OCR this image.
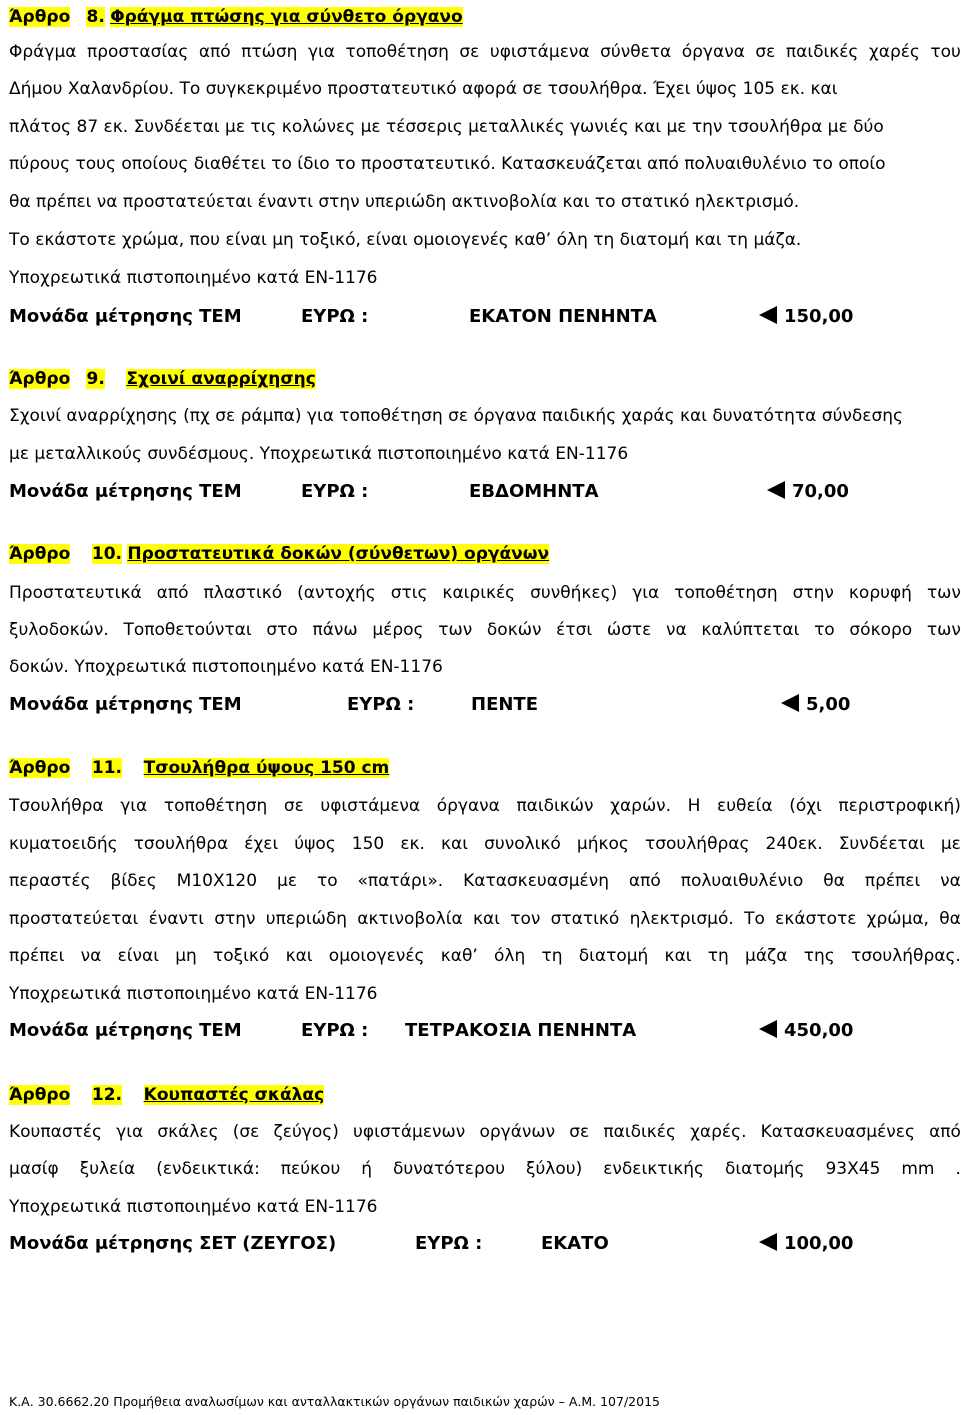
Άρθρο 8. Φράγμα πτώσης για σύνθετο όργανο
Φράγμα προστασίας από πτώση για τοποθέτηση σε υφιστάμενα σύνθετα όργανα σε παιδικές χαρές του
Δήμου Χαλανδρίου. Το συγκεκριμένο προστατευτικό αφορά σε τσουλήθρα. Έχει ύψος 105 εκ. και
πλάτος 87 εκ. Συνδέεται με τις κολώνες με τέσσερις μεταλλικές γωνιές και με την τσουλήθρα με δύο
πύρους τους οποίους διαθέτει το ίδιο το προστατευτικό. Κατασκευάζεται από πολυαιθυλένιο το οποίο
θα πρέπει να προστατεύεται έναντι στην υπεριώδη ακτινοβολία και το στατικό ηλεκτρισμό.
Το εκάστοτε χρώμα, που είναι μη τοξικό, είναι ομοιογενές καθ’ όλη τη διατομή και τη μάζα.
Υποχρεωτικά πιστοποιημένο κατά ΕΝ-1176
Μονάδα μέτρησης ΤΕΜ	ΕΥΡΩ :	ΕΚΑΤΟΝ ΠΕΝΗΝΤΑ	150,00
Άρθρο 9. Σχοινί αναρρίχησης
Σχοινί αναρρίχησης (πχ σε ράμπα) για τοποθέτηση σε όργανα παιδικής χαράς και δυνατότητα σύνδεσης
με μεταλλικούς συνδέσμους. Υποχρεωτικά πιστοποιημένο κατά ΕΝ-1176
Μονάδα μέτρησης ΤΕΜ	ΕΥΡΩ :	ΕΒΔΟΜΗΝΤΑ	70,00
Άρθρο 10. Προστατευτικά δοκών (σύνθετων) οργάνων
Προστατευτικά από πλαστικό (αντοχής στις καιρικές συνθήκες) για τοποθέτηση στην κορυφή των
ξυλοδοκών. Τοποθετούνται στο πάνω μέρος των δοκών έτσι ώστε να καλύπτεται το σόκορο των
δοκών. Υποχρεωτικά πιστοποιημένο κατά ΕΝ-1176
Μονάδα μέτρησης ΤΕΜ	ΕΥΡΩ :	ΠΕΝΤΕ	5,00
Άρθρο 11. Τσουλήθρα ύψους 150 cm
Τσουλήθρα για τοποθέτηση σε υφιστάμενα όργανα παιδικών χαρών. Η ευθεία (όχι περιστροφική)
κυματοειδής τσουλήθρα έχει ύψος 150 εκ. και συνολικό μήκος τσουλήθρας 240εκ. Συνδέεται με
περαστές βίδες Μ10Χ120 με το «πατάρι». Κατασκευασμένη από πολυαιθυλένιο θα πρέπει να
προστατεύεται έναντι στην υπεριώδη ακτινοβολία και τον στατικό ηλεκτρισμό. Το εκάστοτε χρώμα, θα
πρέπει να είναι μη τοξικό και ομοιογενές καθ’ όλη τη διατομή και τη μάζα της τσουλήθρας.
Υποχρεωτικά πιστοποιημένο κατά ΕΝ-1176
Μονάδα μέτρησης ΤΕΜ	ΕΥΡΩ : ΤΕΤΡΑΚΟΣΙΑ ΠΕΝΗΝΤΑ	450,00
Άρθρο 12. Κουπαστές σκάλας
Κουπαστές για σκάλες (σε ζεύγος) υφιστάμενων οργάνων σε παιδικές χαρές. Κατασκευασμένες από
μασίφ ξυλεία (ενδεικτικά: πεύκου ή δυνατότερου ξύλου) ενδεικτικής διατομής 93Χ45 mm .
Υποχρεωτικά πιστοποιημένο κατά ΕΝ-1176
Μονάδα μέτρησης ΣΕΤ (ΖΕΥΓΟΣ)	ΕΥΡΩ :	ΕΚΑΤΟ	100,00
Κ.Α. 30.6662.20 Προμήθεια αναλωσίμων και ανταλλακτικών οργάνων παιδικών χαρών – Α.Μ. 107/2015
